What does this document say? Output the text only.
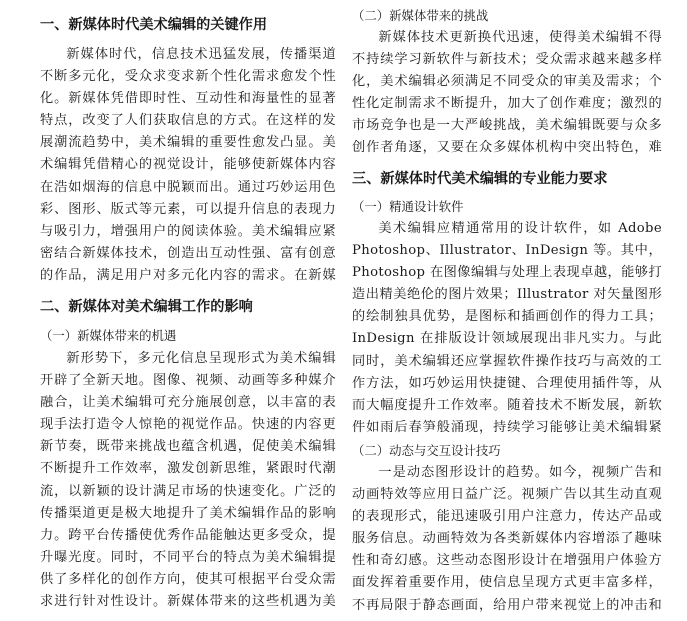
一、新媒体时代美术编辑的关键作用

新媒体时代，信息技术迅猛发展，传播渠道不断多元化，受众求变求新个性化需求愈发个性化。新媒体凭借即时性、互动性和海量性的显著特点，改变了人们获取信息的方式。在这样的发展潮流趋势中，美术编辑的重要性愈发凸显。美术编辑凭借精心的视觉设计，能够使新媒体内容在浩如烟海的信息中脱颖而出。通过巧妙运用色彩、图形、版式等元素，可以提升信息的表现力与吸引力，增强用户的阅读体验。美术编辑应紧密结合新媒体技术，创造出互动性强、富有创意的作品，满足用户对多元化内容的需求。在新媒

二、新媒体对美术编辑工作的影响
（一）新媒体带来的机遇

新形势下，多元化信息呈现形式为美术编辑开辟了全新天地。图像、视频、动画等多种媒介融合，让美术编辑可充分施展创意，以丰富的表现手法打造令人惊艳的视觉作品。快速的内容更新节奏，既带来挑战也蕴含机遇，促使美术编辑不断提升工作效率，激发创新思维，紧跟时代潮流，以新颖的设计满足市场的快速变化。广泛的传播渠道更是极大地提升了美术编辑作品的影响力。跨平台传播使优秀作品能触达更多受众，提升曝光度。同时，不同平台的特点为美术编辑提供了多样化的创作方向，使其可根据平台受众需求进行针对性设计。新媒体带来的这些机遇为美

（二）新媒体带来的挑战

新媒体技术更新换代迅速，使得美术编辑不得不持续学习新软件与新技术；受众需求越来越多样化，美术编辑必须满足不同受众的审美及需求；个性化定制需求不断提升，加大了创作难度；激烈的市场竞争也是一大严峻挑战，美术编辑既要与众多创作者角逐，又要在众多媒体机构中突出特色，难

三、新媒体时代美术编辑的专业能力要求
（一）精通设计软件

美术编辑应精通常用的设计软件，如 Adobe Photoshop、Illustrator、InDesign 等。其中，Photoshop 在图像编辑与处理上表现卓越，能够打造出精美绝伦的图片效果；Illustrator 对矢量图形的绘制独具优势，是图标和插画创作的得力工具；InDesign 在排版设计领域展现出非凡实力。与此同时，美术编辑还应掌握软件操作技巧与高效的工作方法，如巧妙运用快捷键、合理使用插件等，从而大幅度提升工作效率。随着技术不断发展，新软件如雨后春笋般涌现，持续学习能够让美术编辑紧

（二）动态与交互设计技巧

一是动态图形设计的趋势。如今，视频广告和动画特效等应用日益广泛。视频广告以其生动直观的表现形式，能迅速吸引用户注意力，传达产品或服务信息。动画特效为各类新媒体内容增添了趣味性和奇幻感。这些动态图形设计在增强用户体验方面发挥着重要作用，使信息呈现方式更丰富多样，不再局限于静态画面，给用户带来视觉上的冲击和
